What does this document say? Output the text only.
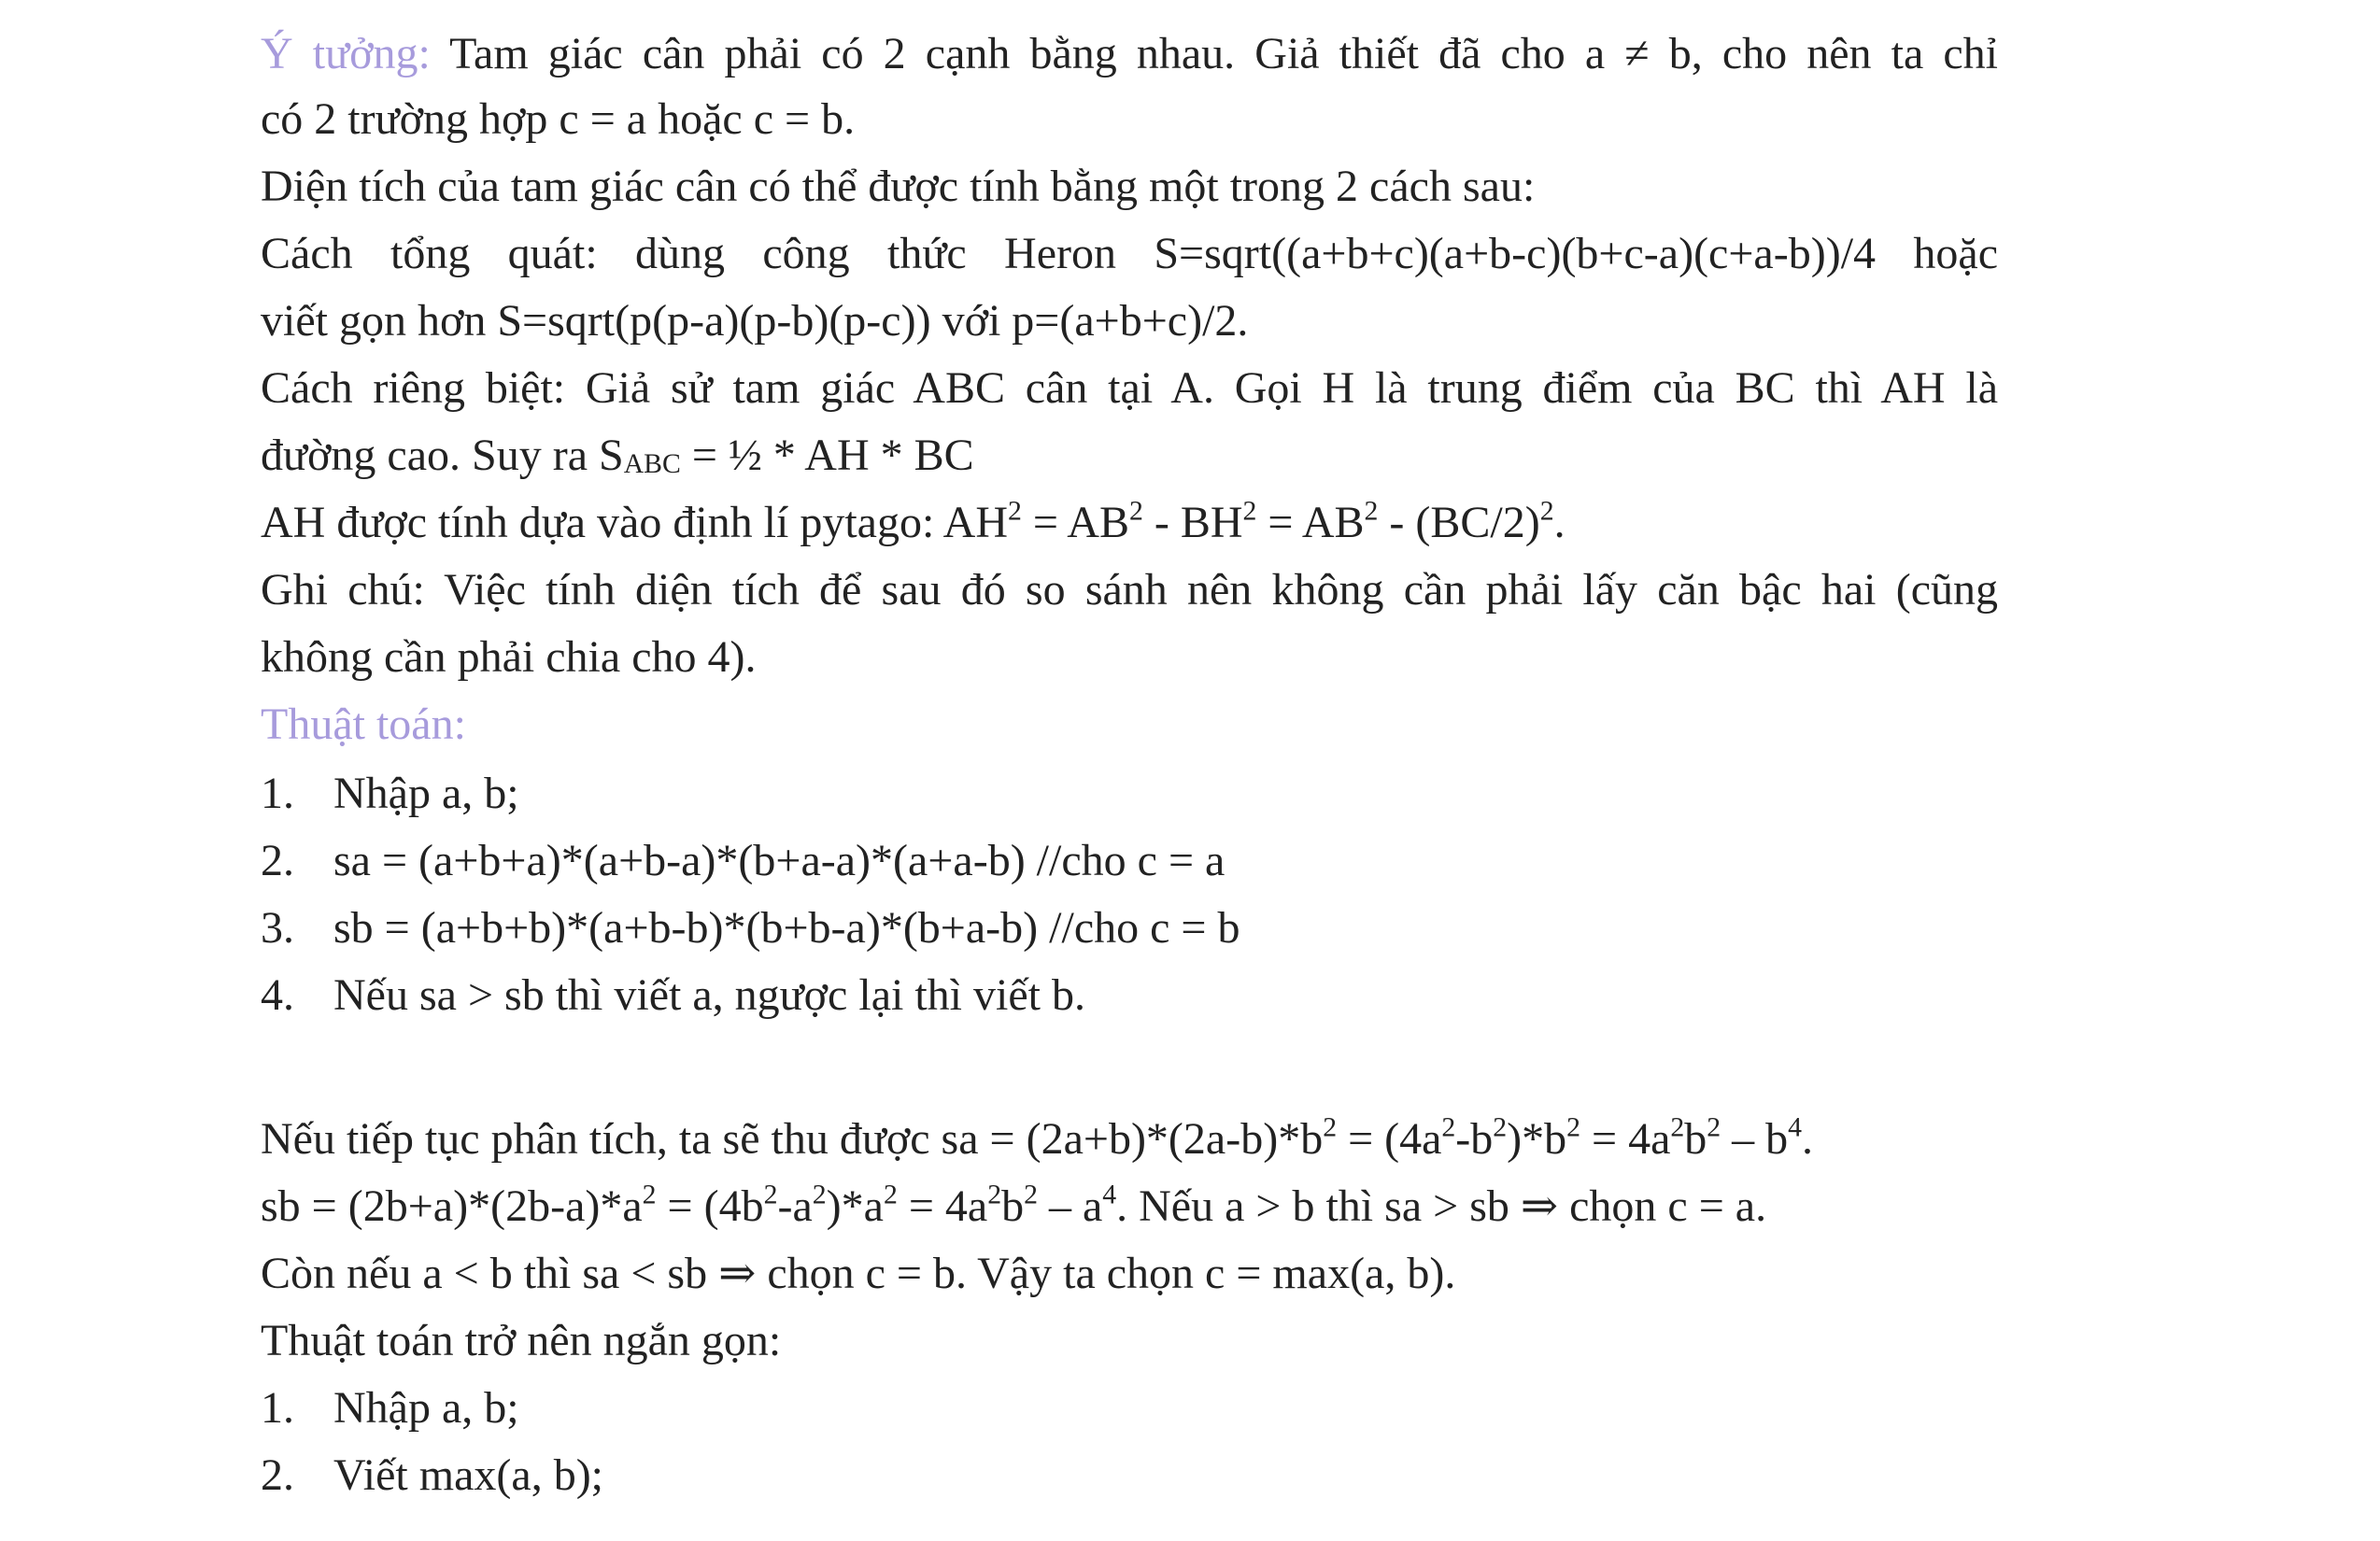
Ý tưởng: Tam giác cân phải có 2 cạnh bằng nhau. Giả thiết đã cho a ≠ b, cho nên ta chỉ
có 2 trường hợp c = a hoặc c = b.
Diện tích của tam giác cân có thể được tính bằng một trong 2 cách sau:
Cách tổng quát: dùng công thức Heron S=sqrt((a+b+c)(a+b-c)(b+c-a)(c+a-b))/4 hoặc
viết gọn hơn S=sqrt(p(p-a)(p-b)(p-c)) với p=(a+b+c)/2.
Cách riêng biệt: Giả sử tam giác ABC cân tại A. Gọi H là trung điểm của BC thì AH là
đường cao. Suy ra $S_{ABC}$ = ½ * AH * BC
AH được tính dựa vào định lí pytago: $AH^2 = AB^2 - BH^2 = AB^2 - (BC/2)^2$.
Ghi chú: Việc tính diện tích để sau đó so sánh nên không cần phải lấy căn bậc hai (cũng
không cần phải chia cho 4).
Thuật toán:
1. Nhập a, b;
2. sa = (a+b+a)*(a+b-a)*(b+a-a)*(a+a-b) //cho c = a
3. sb = (a+b+b)*(a+b-b)*(b+b-a)*(b+a-b) //cho c = b
4. Nếu sa > sb thì viết a, ngược lại thì viết b.
Nếu tiếp tục phân tích, ta sẽ thu được sa = $(2a+b)*(2a-b)*b^2 = (4a^2-b^2)*b^2 = 4a^2b^2 - b^4$.
sb = $(2b+a)*(2b-a)*a^2 = (4b^2-a^2)*a^2 = 4a^2b^2 - a^4$. Nếu a > b thì sa > sb ⇒ chọn c = a.
Còn nếu a < b thì sa < sb ⇒ chọn c = b. Vậy ta chọn c = max(a, b).
Thuật toán trở nên ngắn gọn:
1. Nhập a, b;
2. Viết max(a, b);
